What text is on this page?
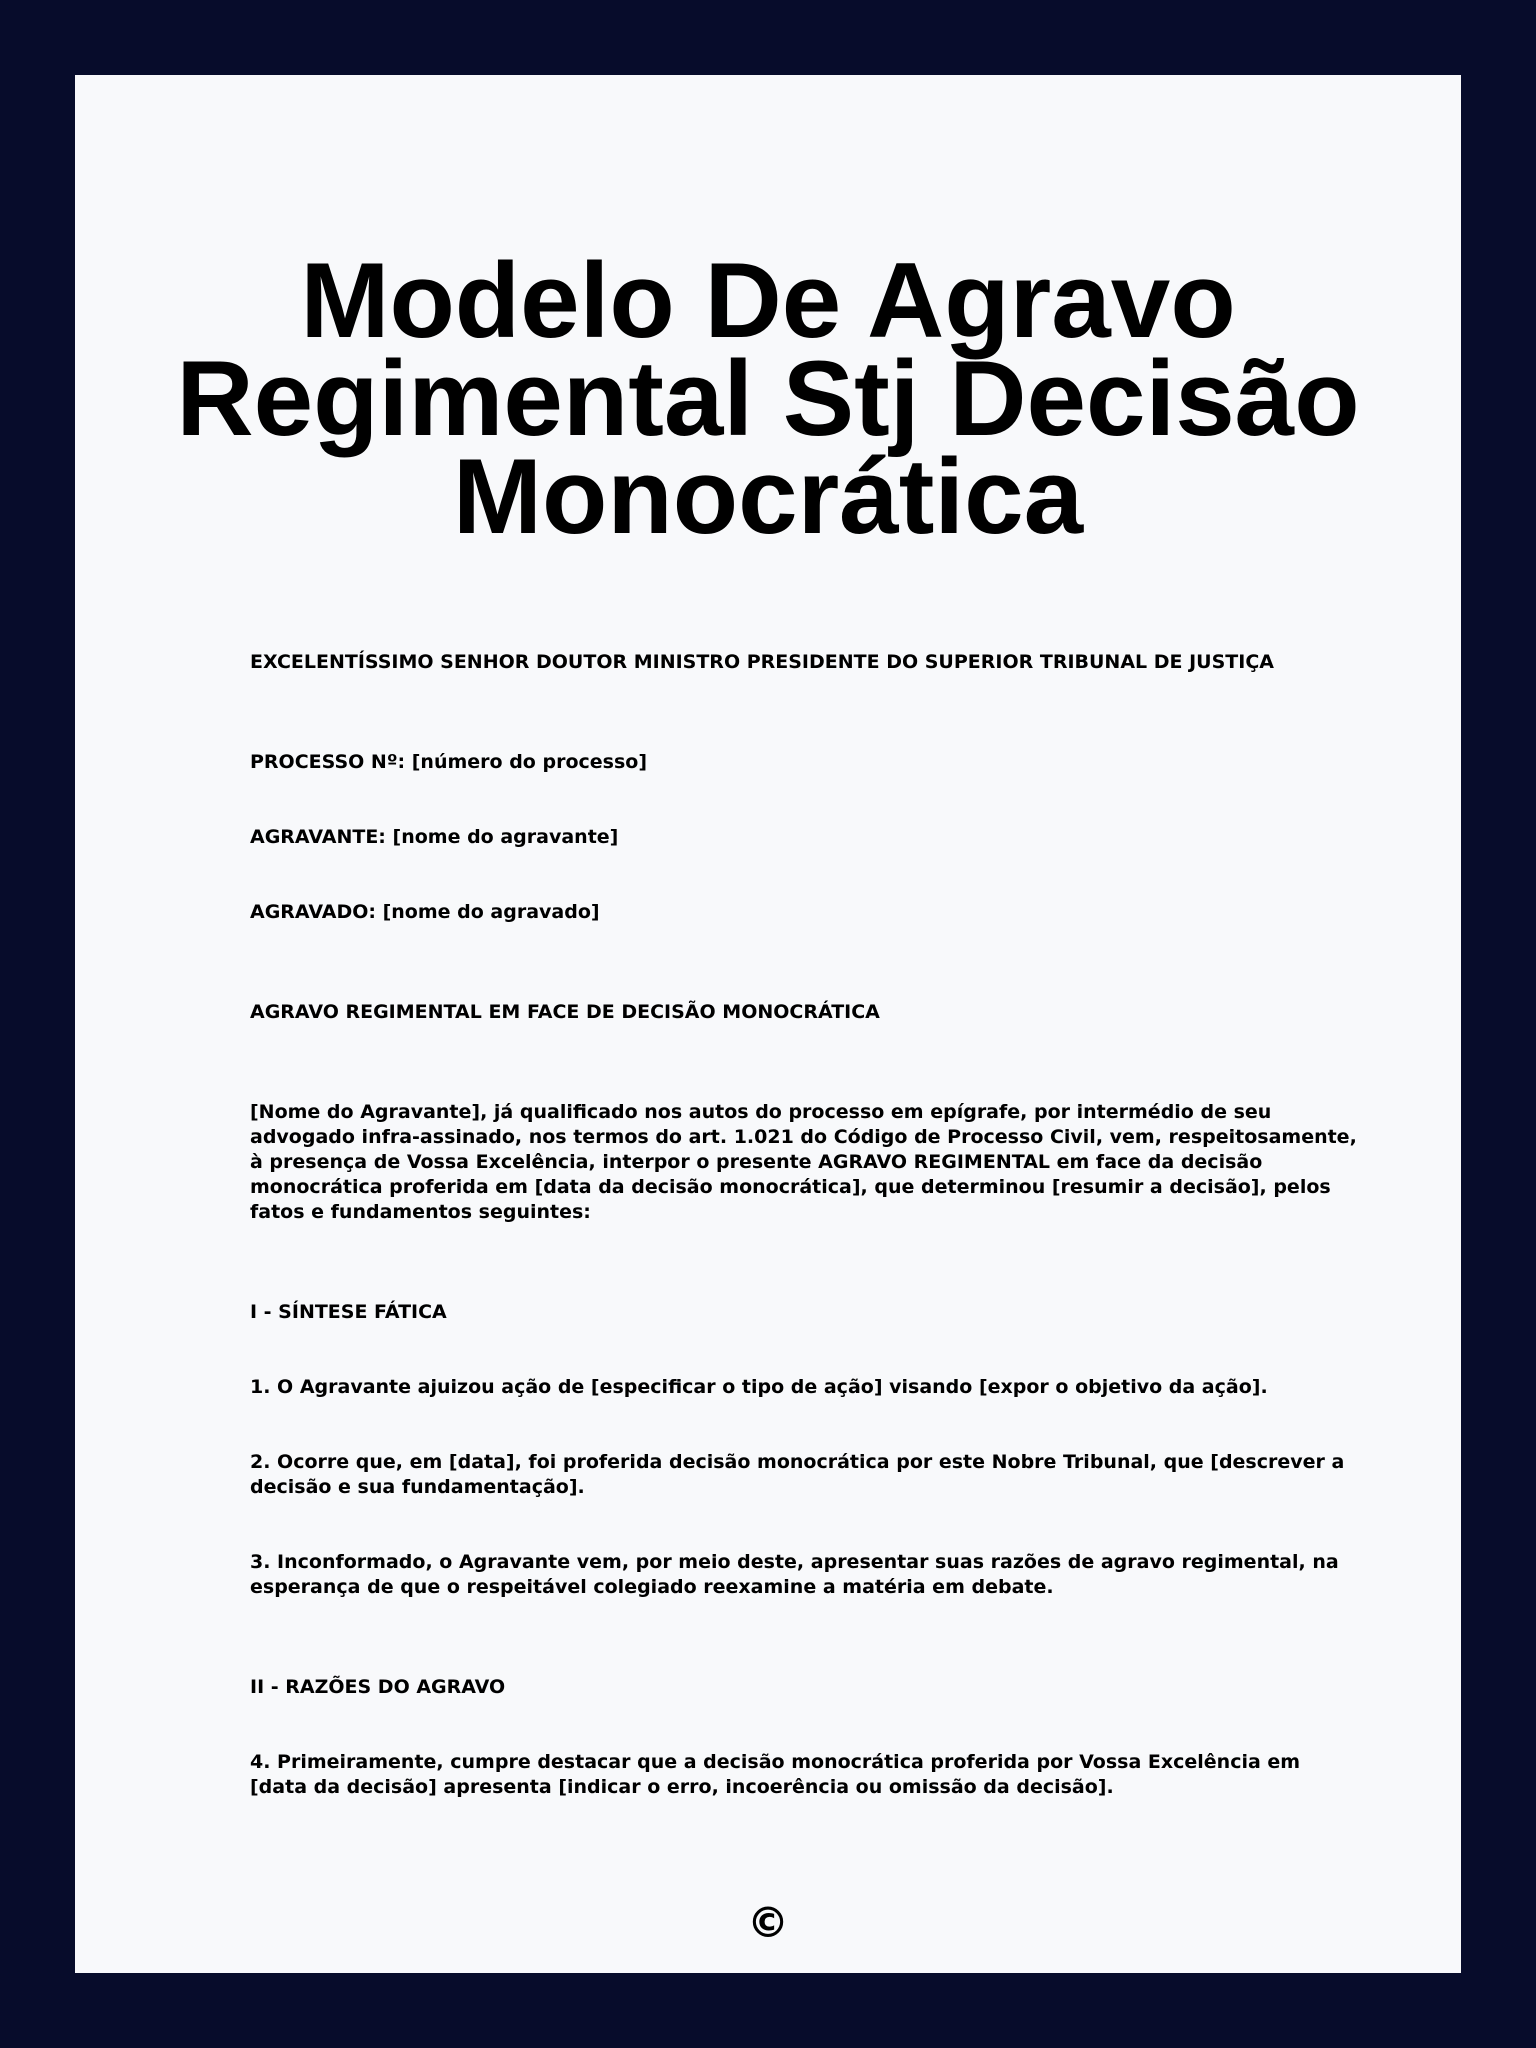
Modelo De Agravo Regimental Stj Decisão Monocrática

EXCELENTÍSSIMO SENHOR DOUTOR MINISTRO PRESIDENTE DO SUPERIOR TRIBUNAL DE JUSTIÇA

PROCESSO Nº: [número do processo]

AGRAVANTE: [nome do agravante]

AGRAVADO: [nome do agravado]

AGRAVO REGIMENTAL EM FACE DE DECISÃO MONOCRÁTICA

[Nome do Agravante], já qualificado nos autos do processo em epígrafe, por intermédio de seu advogado infra-assinado, nos termos do art. 1.021 do Código de Processo Civil, vem, respeitosamente, à presença de Vossa Excelência, interpor o presente AGRAVO REGIMENTAL em face da decisão monocrática proferida em [data da decisão monocrática], que determinou [resumir a decisão], pelos fatos e fundamentos seguintes:

I - SÍNTESE FÁTICA

1. O Agravante ajuizou ação de [especificar o tipo de ação] visando [expor o objetivo da ação].

2. Ocorre que, em [data], foi proferida decisão monocrática por este Nobre Tribunal, que [descrever a decisão e sua fundamentação].

3. Inconformado, o Agravante vem, por meio deste, apresentar suas razões de agravo regimental, na esperança de que o respeitável colegiado reexamine a matéria em debate.

II - RAZÕES DO AGRAVO

4. Primeiramente, cumpre destacar que a decisão monocrática proferida por Vossa Excelência em [data da decisão] apresenta [indicar o erro, incoerência ou omissão da decisão].

©
